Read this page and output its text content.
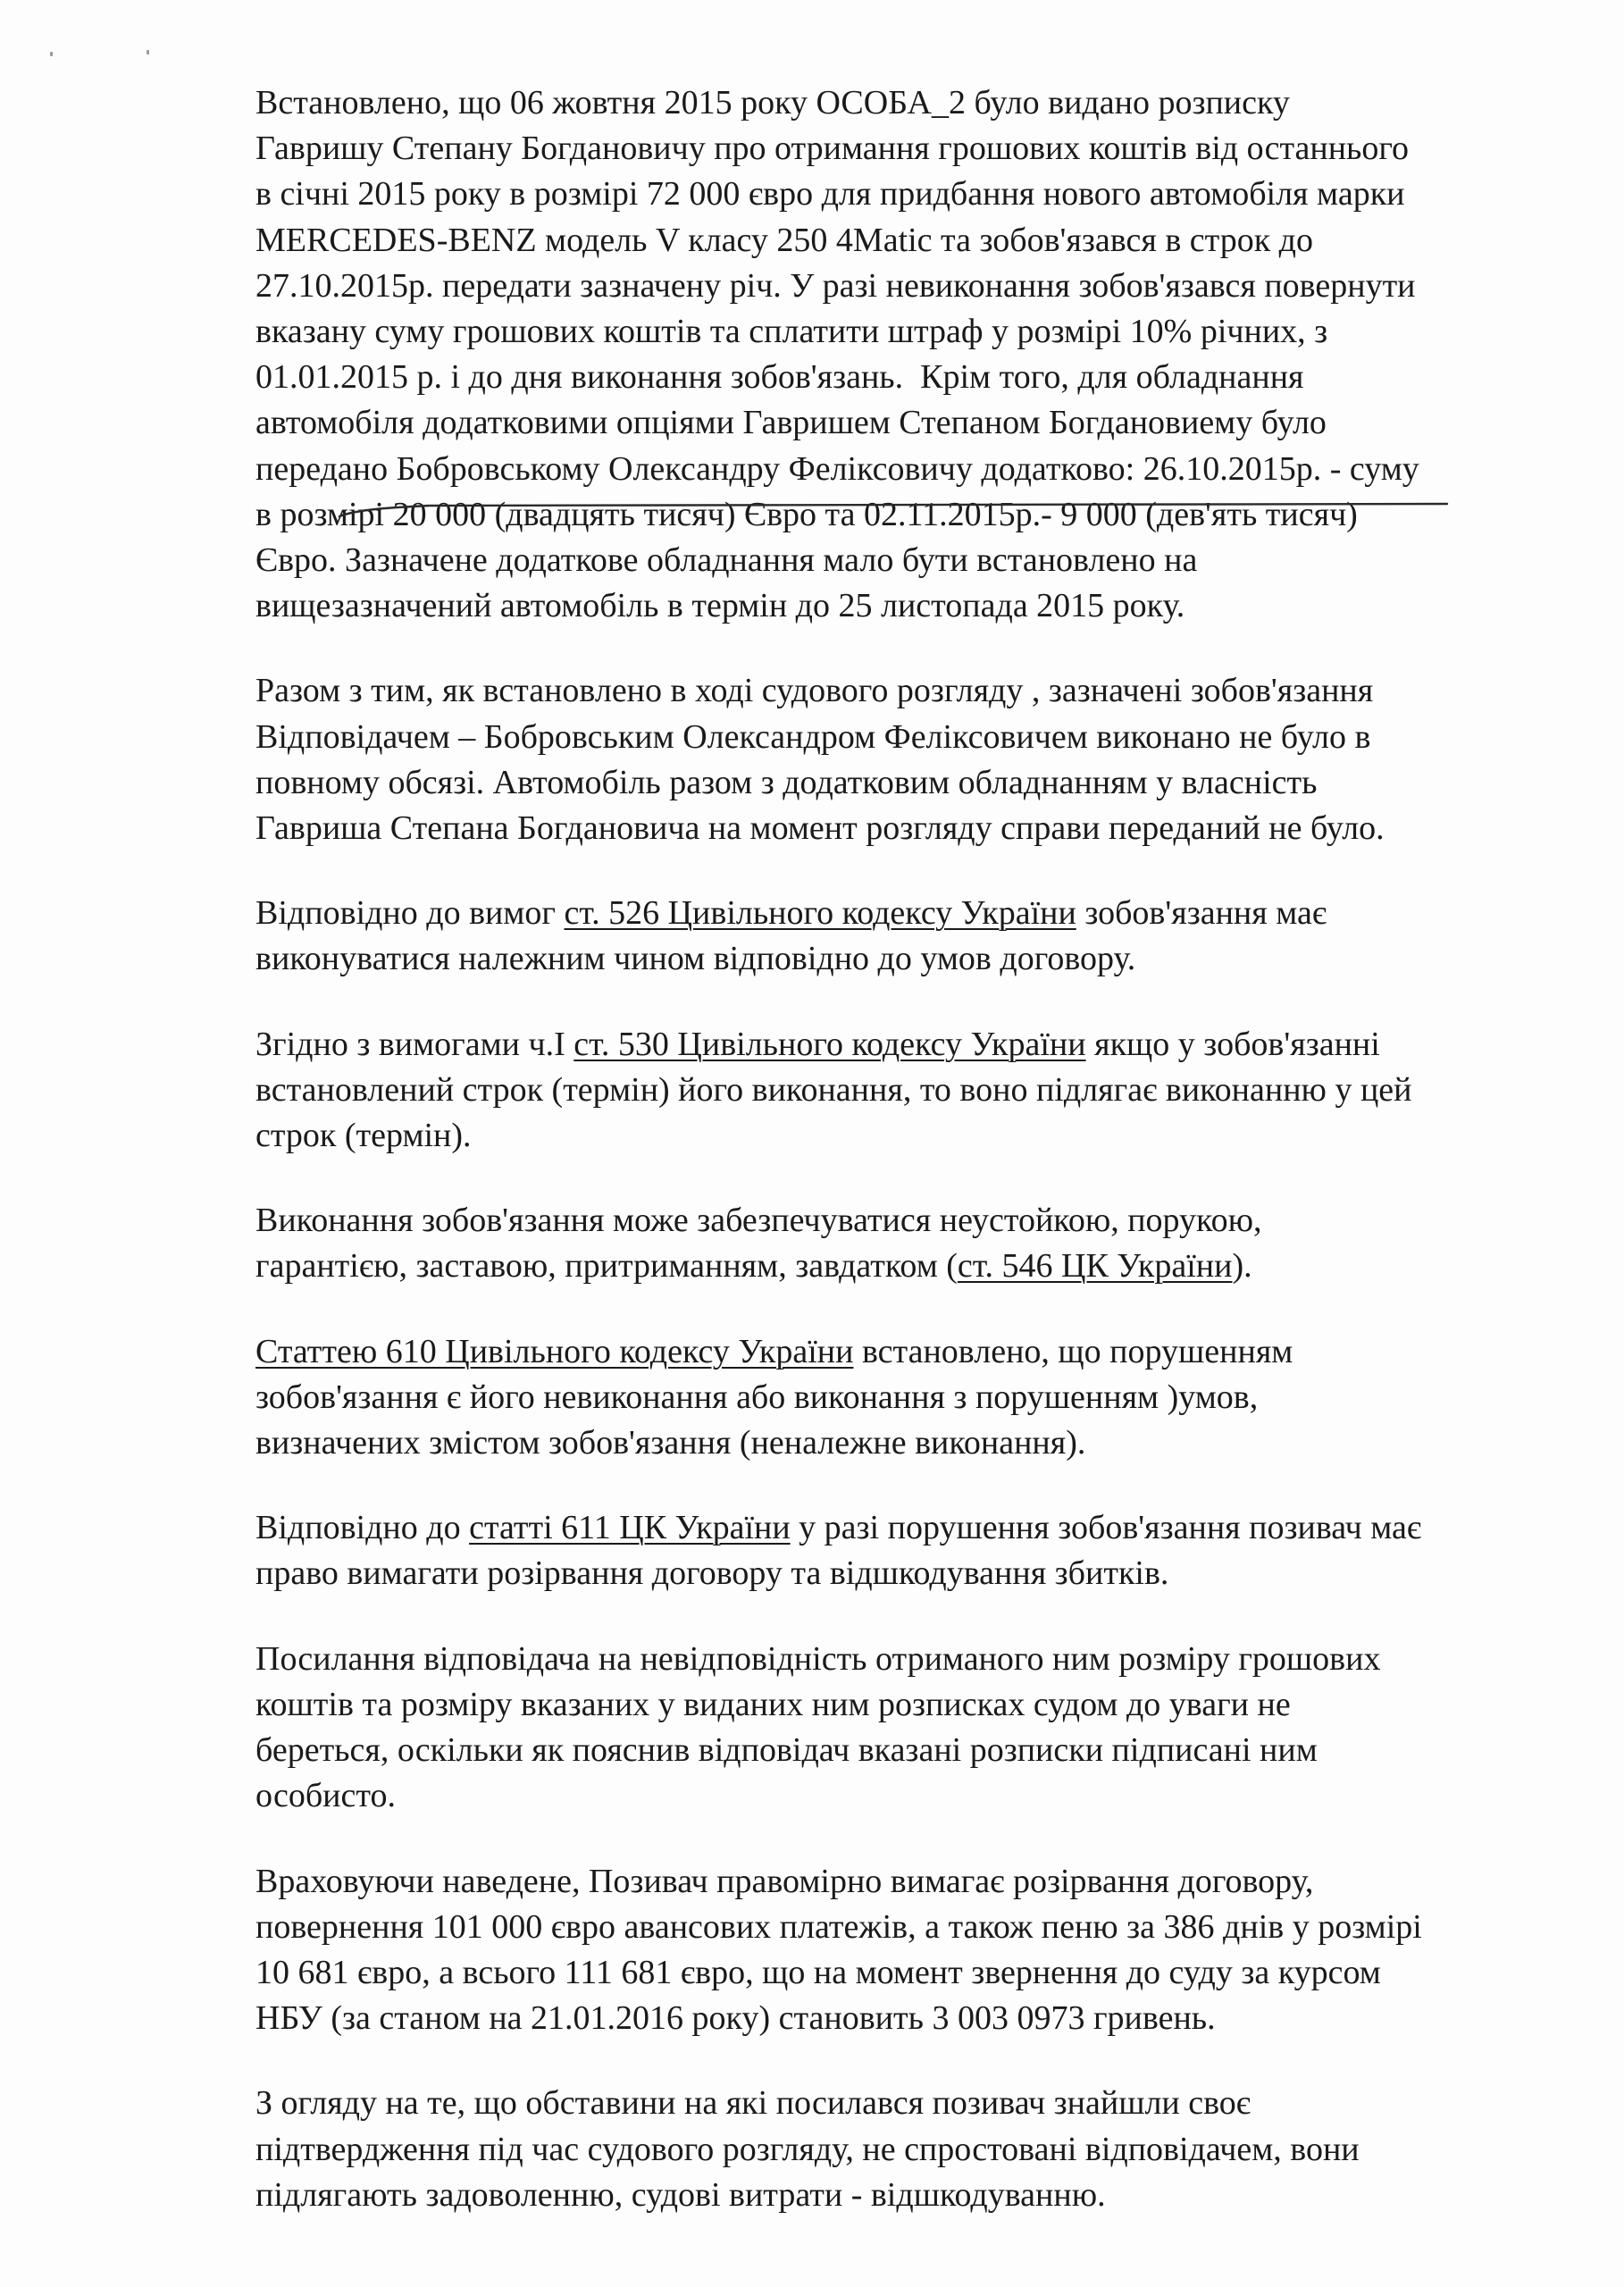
Встановлено, що 06 жовтня 2015 року ОСОБА_2 було видано розписку
Гавришу Степану Богдановичу про отримання грошових коштів від останнього
в січні 2015 року в розмірі 72 000 євро для придбання нового автомобіля марки
MERCEDES-BENZ модель V класу 250 4Matic та зобов'язався в строк до
27.10.2015р. передати зазначену річ. У разі невиконання зобов'язався повернути
вказану суму грошових коштів та сплатити штраф у розмірі 10% річних, з
01.01.2015 р. і до дня виконання зобов'язань.  Крім того, для обладнання
автомобіля додатковими опціями Гавришем Степаном Богдановиему було
передано Бобровському Олександру Феліксовичу додатково: 26.10.2015р. - суму
в розмірі 20 000 (двадцять тисяч) Євро та 02.11.2015р.- 9 000 (дев'ять тисяч)
Євро. Зазначене додаткове обладнання мало бути встановлено на
вищезазначений автомобіль в термін до 25 листопада 2015 року.
Разом з тим, як встановлено в ході судового розгляду , зазначені зобов'язання
Відповідачем – Бобровським Олександром Феліксовичем виконано не було в
повному обсязі. Автомобіль разом з додатковим обладнанням у власність
Гавриша Степана Богдановича на момент розгляду справи переданий не було.
Відповідно до вимог ст. 526 Цивільного кодексу України зобов'язання має
виконуватися належним чином відповідно до умов договору.
Згідно з вимогами ч.І ст. 530 Цивільного кодексу України якщо у зобов'язанні
встановлений строк (термін) його виконання, то воно підлягає виконанню у цей
строк (термін).
Виконання зобов'язання може забезпечуватися неустойкою, порукою,
гарантією, заставою, притриманням, завдатком (ст. 546 ЦК України).
Статтею 610 Цивільного кодексу України встановлено, що порушенням
зобов'язання є його невиконання або виконання з порушенням )умов,
визначених змістом зобов'язання (неналежне виконання).
Відповідно до статті 611 ЦК України у разі порушення зобов'язання позивач має
право вимагати розірвання договору та відшкодування збитків.
Посилання відповідача на невідповідність отриманого ним розміру грошових
коштів та розміру вказаних у виданих ним розписках судом до уваги не
береться, оскільки як пояснив відповідач вказані розписки підписані ним
особисто.
Враховуючи наведене, Позивач правомірно вимагає розірвання договору,
повернення 101 000 євро авансових платежів, а також пеню за 386 днів у розмірі
10 681 євро, а всього 111 681 євро, що на момент звернення до суду за курсом
НБУ (за станом на 21.01.2016 року) становить 3 003 0973 гривень.
З огляду на те, що обставини на які посилався позивач знайшли своє
підтвердження під час судового розгляду, не спростовані відповідачем, вони
підлягають задоволенню, судові витрати - відшкодуванню.
